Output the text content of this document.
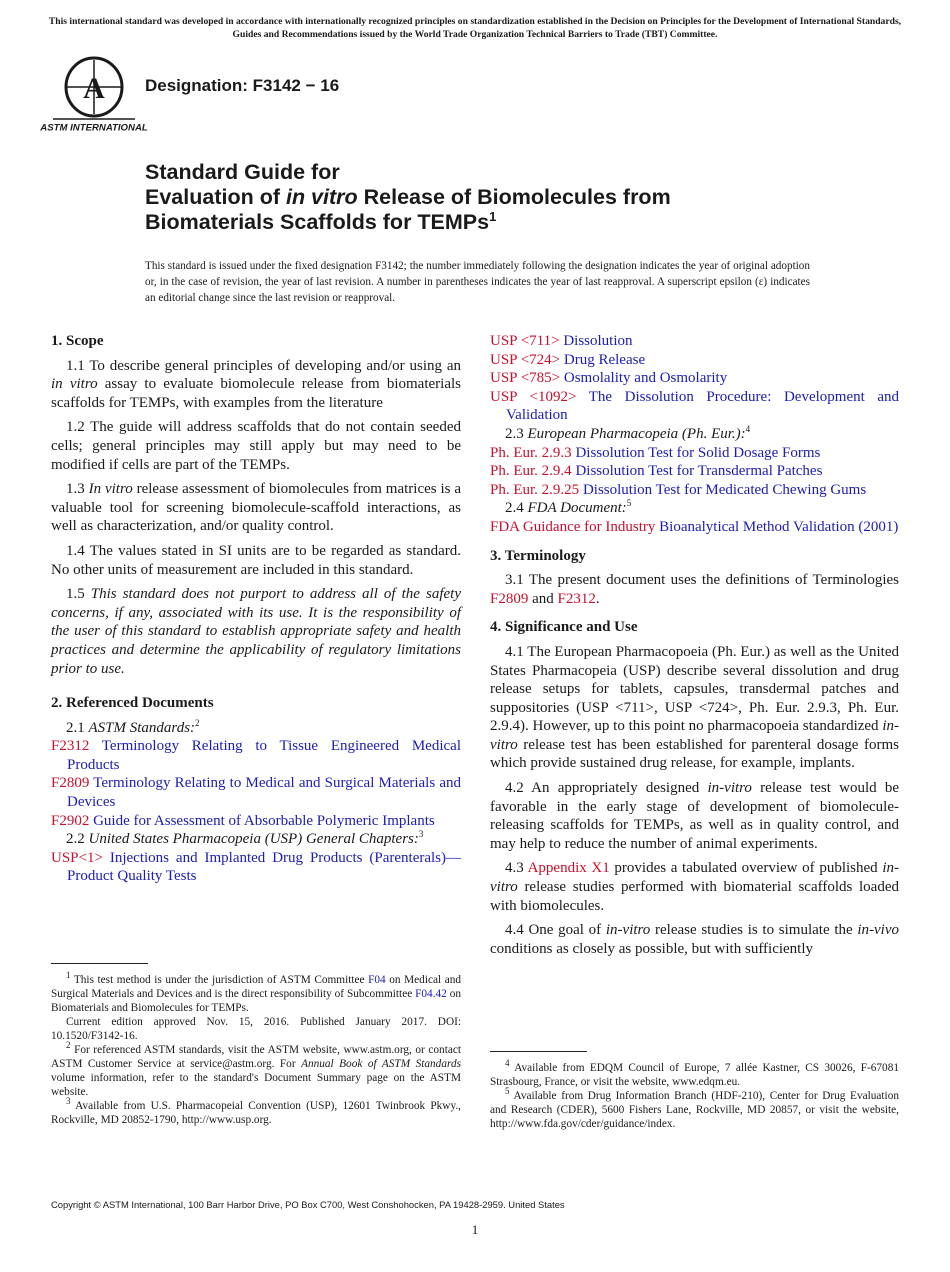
This international standard was developed in accordance with internationally recognized principles on standardization established in the Decision on Principles for the Development of International Standards, Guides and Recommendations issued by the World Trade Organization Technical Barriers to Trade (TBT) Committee.
A
ASTM INTERNATIONAL
Designation: F3142 − 16
Standard Guide for
Evaluation of in vitro Release of Biomolecules from
Biomaterials Scaffolds for TEMPs$^1$
This standard is issued under the fixed designation F3142; the number immediately following the designation indicates the year of original adoption or, in the case of revision, the year of last revision. A number in parentheses indicates the year of last reapproval. A superscript epsilon (ε) indicates an editorial change since the last revision or reapproval.
1. Scope

1.1 To describe general principles of developing and/or using an in vitro assay to evaluate biomolecule release from biomaterials scaffolds for TEMPs, with examples from the literature

1.2 The guide will address scaffolds that do not contain seeded cells; general principles may still apply but may need to be modified if cells are part of the TEMPs.

1.3 In vitro release assessment of biomolecules from matrices is a valuable tool for screening biomolecule-scaffold interactions, as well as characterization, and/or quality control.

1.4 The values stated in SI units are to be regarded as standard. No other units of measurement are included in this standard.

1.5 This standard does not purport to address all of the safety concerns, if any, associated with its use. It is the responsibility of the user of this standard to establish appropriate safety and health practices and determine the applicability of regulatory limitations prior to use.

2. Referenced Documents
2.1 ASTM Standards:$^2$
F2312 Terminology Relating to Tissue Engineered Medical Products
F2809 Terminology Relating to Medical and Surgical Materials and Devices
F2902 Guide for Assessment of Absorbable Polymeric Implants
2.2 United States Pharmacopeia (USP) General Chapters:$^3$
USP<1> Injections and Implanted Drug Products (Parenterals)—Product Quality Tests

$^1$ This test method is under the jurisdiction of ASTM Committee F04 on Medical and Surgical Materials and Devices and is the direct responsibility of Subcommittee F04.42 on Biomaterials and Biomolecules for TEMPs.

Current edition approved Nov. 15, 2016. Published January 2017. DOI: 10.1520/F3142-16.

$^2$ For referenced ASTM standards, visit the ASTM website, www.astm.org, or contact ASTM Customer Service at service@astm.org. For Annual Book of ASTM Standards volume information, refer to the standard's Document Summary page on the ASTM website.

$^3$ Available from U.S. Pharmacopeial Convention (USP), 12601 Twinbrook Pkwy., Rockville, MD 20852-1790, http://www.usp.org.

USP <711> Dissolution
USP <724> Drug Release
USP <785> Osmolality and Osmolarity
USP <1092> The Dissolution Procedure: Development and Validation
2.3 European Pharmacopeia (Ph. Eur.):$^4$
Ph. Eur. 2.9.3 Dissolution Test for Solid Dosage Forms
Ph. Eur. 2.9.4 Dissolution Test for Transdermal Patches
Ph. Eur. 2.9.25 Dissolution Test for Medicated Chewing Gums
2.4 FDA Document:$^5$
FDA Guidance for Industry Bioanalytical Method Validation (2001)
3. Terminology

3.1 The present document uses the definitions of Terminologies F2809 and F2312.

4. Significance and Use

4.1 The European Pharmacopoeia (Ph. Eur.) as well as the United States Pharmacopeia (USP) describe several dissolution and drug release setups for tablets, capsules, transdermal patches and suppositories (USP <711>, USP <724>, Ph. Eur. 2.9.3, Ph. Eur. 2.9.4). However, up to this point no pharmacopoeia standardized in-vitro release test has been established for parenteral dosage forms which provide sustained drug release, for example, implants.

4.2 An appropriately designed in-vitro release test would be favorable in the early stage of development of biomolecule-releasing scaffolds for TEMPs, as well as in quality control, and may help to reduce the number of animal experiments.

4.3 Appendix X1 provides a tabulated overview of published in-vitro release studies performed with biomaterial scaffolds loaded with biomolecules.

4.4 One goal of in-vitro release studies is to simulate the in-vivo conditions as closely as possible, but with sufficiently

$^4$ Available from EDQM Council of Europe, 7 allée Kastner, CS 30026, F-67081 Strasbourg, France, or visit the website, www.edqm.eu.

$^5$ Available from Drug Information Branch (HDF-210), Center for Drug Evaluation and Research (CDER), 5600 Fishers Lane, Rockville, MD 20857, or visit the website, http://www.fda.gov/cder/guidance/index.

Copyright © ASTM International, 100 Barr Harbor Drive, PO Box C700, West Conshohocken, PA 19428-2959. United States
1
